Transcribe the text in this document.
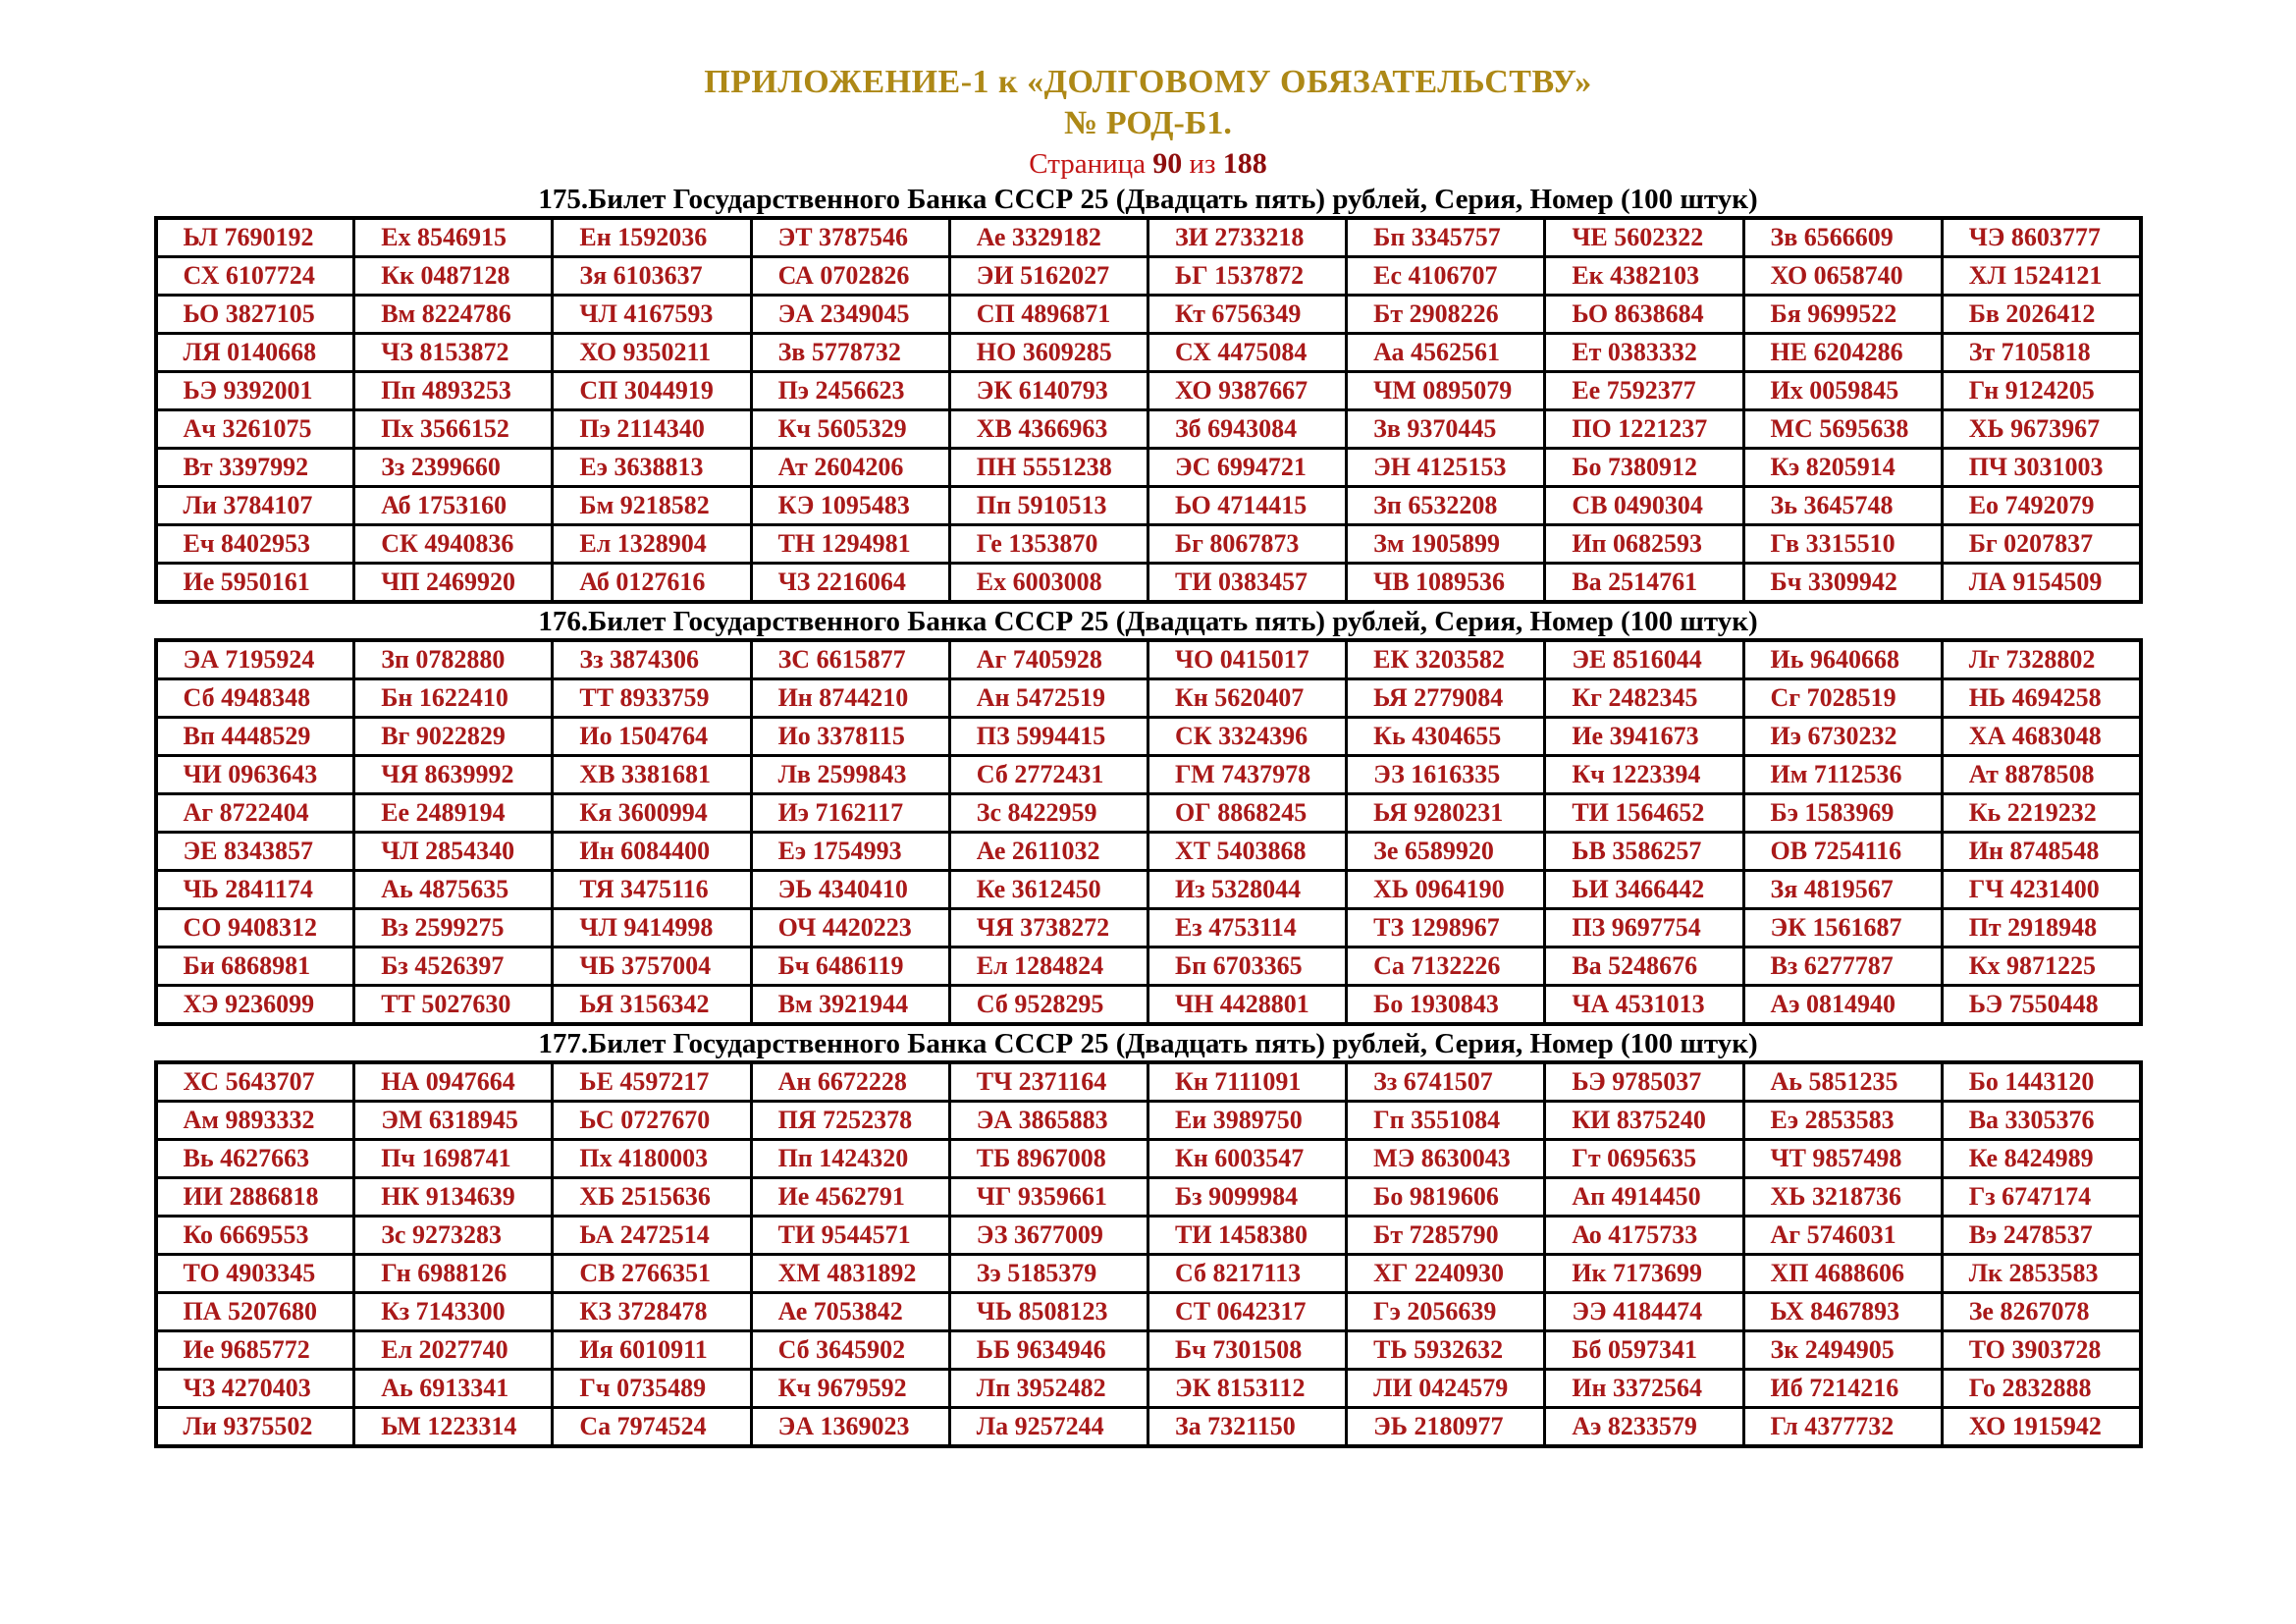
ПРИЛОЖЕНИЕ-1 к «ДОЛГОВОМУ ОБЯЗАТЕЛЬСТВУ»
№ РОД-Б1.
Страница 90 из 188
175.Билет Государственного Банка СССР 25 (Двадцать пять) рублей, Серия, Номер (100 штук)
ЬЛ 7690192	Ех 8546915	Ен 1592036	ЭТ 3787546	Ае 3329182	ЗИ 2733218	Бп 3345757	ЧЕ 5602322	Зв 6566609	ЧЭ 8603777
СХ 6107724	Кк 0487128	Зя 6103637	СА 0702826	ЭИ 5162027	ЬГ 1537872	Ес 4106707	Ек 4382103	ХО 0658740	ХЛ 1524121
ЬО 3827105	Вм 8224786	ЧЛ 4167593	ЭА 2349045	СП 4896871	Кт 6756349	Бт 2908226	ЬО 8638684	Бя 9699522	Бв 2026412
ЛЯ 0140668	ЧЗ 8153872	ХО 9350211	Зв 5778732	НО 3609285	СХ 4475084	Аа 4562561	Ет 0383332	НЕ 6204286	Зт 7105818
ЬЭ 9392001	Пп 4893253	СП 3044919	Пэ 2456623	ЭК 6140793	ХО 9387667	ЧМ 0895079	Ее 7592377	Их 0059845	Гн 9124205
Ач 3261075	Пх 3566152	Пэ 2114340	Кч 5605329	ХВ 4366963	Зб 6943084	Зв 9370445	ПО 1221237	МС 5695638	ХЬ 9673967
Вт 3397992	Зз 2399660	Еэ 3638813	Ат 2604206	ПН 5551238	ЭС 6994721	ЭН 4125153	Бо 7380912	Кэ 8205914	ПЧ 3031003
Ли 3784107	Аб 1753160	Бм 9218582	КЭ 1095483	Пп 5910513	ЬО 4714415	Зп 6532208	СВ 0490304	Зь 3645748	Ео 7492079
Еч 8402953	СК 4940836	Ел 1328904	ТН 1294981	Ге 1353870	Бг 8067873	Зм 1905899	Ип 0682593	Гв 3315510	Бг 0207837
Ие 5950161	ЧП 2469920	Аб 0127616	ЧЗ 2216064	Ех 6003008	ТИ 0383457	ЧВ 1089536	Ва 2514761	Бч 3309942	ЛА 9154509
176.Билет Государственного Банка СССР 25 (Двадцать пять) рублей, Серия, Номер (100 штук)
ЭА 7195924	Зп 0782880	Зз 3874306	ЗС 6615877	Аг 7405928	ЧО 0415017	ЕК 3203582	ЭЕ 8516044	Иь 9640668	Лг 7328802
Сб 4948348	Бн 1622410	ТТ 8933759	Ин 8744210	Ан 5472519	Кн 5620407	ЬЯ 2779084	Кг 2482345	Сг 7028519	НЬ 4694258
Вп 4448529	Вг 9022829	Ио 1504764	Ио 3378115	ПЗ 5994415	СК 3324396	Кь 4304655	Ие 3941673	Иэ 6730232	ХА 4683048
ЧИ 0963643	ЧЯ 8639992	ХВ 3381681	Лв 2599843	Сб 2772431	ГМ 7437978	ЭЗ 1616335	Кч 1223394	Им 7112536	Ат 8878508
Аг 8722404	Ее 2489194	Кя 3600994	Иэ 7162117	Зс 8422959	ОГ 8868245	ЬЯ 9280231	ТИ 1564652	Бэ 1583969	Кь 2219232
ЭЕ 8343857	ЧЛ 2854340	Ин 6084400	Еэ 1754993	Ае 2611032	ХТ 5403868	Зе 6589920	ЬВ 3586257	ОВ 7254116	Ин 8748548
ЧЬ 2841174	Аь 4875635	ТЯ 3475116	ЭЬ 4340410	Ке 3612450	Из 5328044	ХЬ 0964190	ЬИ 3466442	Зя 4819567	ГЧ 4231400
СО 9408312	Вз 2599275	ЧЛ 9414998	ОЧ 4420223	ЧЯ 3738272	Ез 4753114	ТЗ 1298967	ПЗ 9697754	ЭК 1561687	Пт 2918948
Би 6868981	Бз 4526397	ЧБ 3757004	Бч 6486119	Ел 1284824	Бп 6703365	Са 7132226	Ва 5248676	Вз 6277787	Кх 9871225
ХЭ 9236099	ТТ 5027630	ЬЯ 3156342	Вм 3921944	Сб 9528295	ЧН 4428801	Бо 1930843	ЧА 4531013	Аэ 0814940	ЬЭ 7550448
177.Билет Государственного Банка СССР 25 (Двадцать пять) рублей, Серия, Номер (100 штук)
ХС 5643707	НА 0947664	ЬЕ 4597217	Ан 6672228	ТЧ 2371164	Кн 7111091	Зз 6741507	ЬЭ 9785037	Аь 5851235	Бо 1443120
Ам 9893332	ЭМ 6318945	ЬС 0727670	ПЯ 7252378	ЭА 3865883	Еи 3989750	Гп 3551084	КИ 8375240	Еэ 2853583	Ва 3305376
Вь 4627663	Пч 1698741	Пх 4180003	Пп 1424320	ТБ 8967008	Кн 6003547	МЭ 8630043	Гт 0695635	ЧТ 9857498	Ке 8424989
ИИ 2886818	НК 9134639	ХБ 2515636	Ие 4562791	ЧГ 9359661	Бз 9099984	Бо 9819606	Ап 4914450	ХЬ 3218736	Гз 6747174
Ко 6669553	Зс 9273283	ЬА 2472514	ТИ 9544571	ЭЗ 3677009	ТИ 1458380	Бт 7285790	Ао 4175733	Аг 5746031	Вэ 2478537
ТО 4903345	Гн 6988126	СВ 2766351	ХМ 4831892	Зэ 5185379	Сб 8217113	ХГ 2240930	Ик 7173699	ХП 4688606	Лк 2853583
ПА 5207680	Кз 7143300	КЗ 3728478	Ае 7053842	ЧЬ 8508123	СТ 0642317	Гэ 2056639	ЭЭ 4184474	ЬХ 8467893	Зе 8267078
Ие 9685772	Ел 2027740	Ия 6010911	Сб 3645902	ЬБ 9634946	Бч 7301508	ТЬ 5932632	Бб 0597341	Зк 2494905	ТО 3903728
ЧЗ 4270403	Аь 6913341	Гч 0735489	Кч 9679592	Лп 3952482	ЭК 8153112	ЛИ 0424579	Ин 3372564	Иб 7214216	Го 2832888
Ли 9375502	ЬМ 1223314	Са 7974524	ЭА 1369023	Ла 9257244	За 7321150	ЭЬ 2180977	Аэ 8233579	Гл 4377732	ХО 1915942
